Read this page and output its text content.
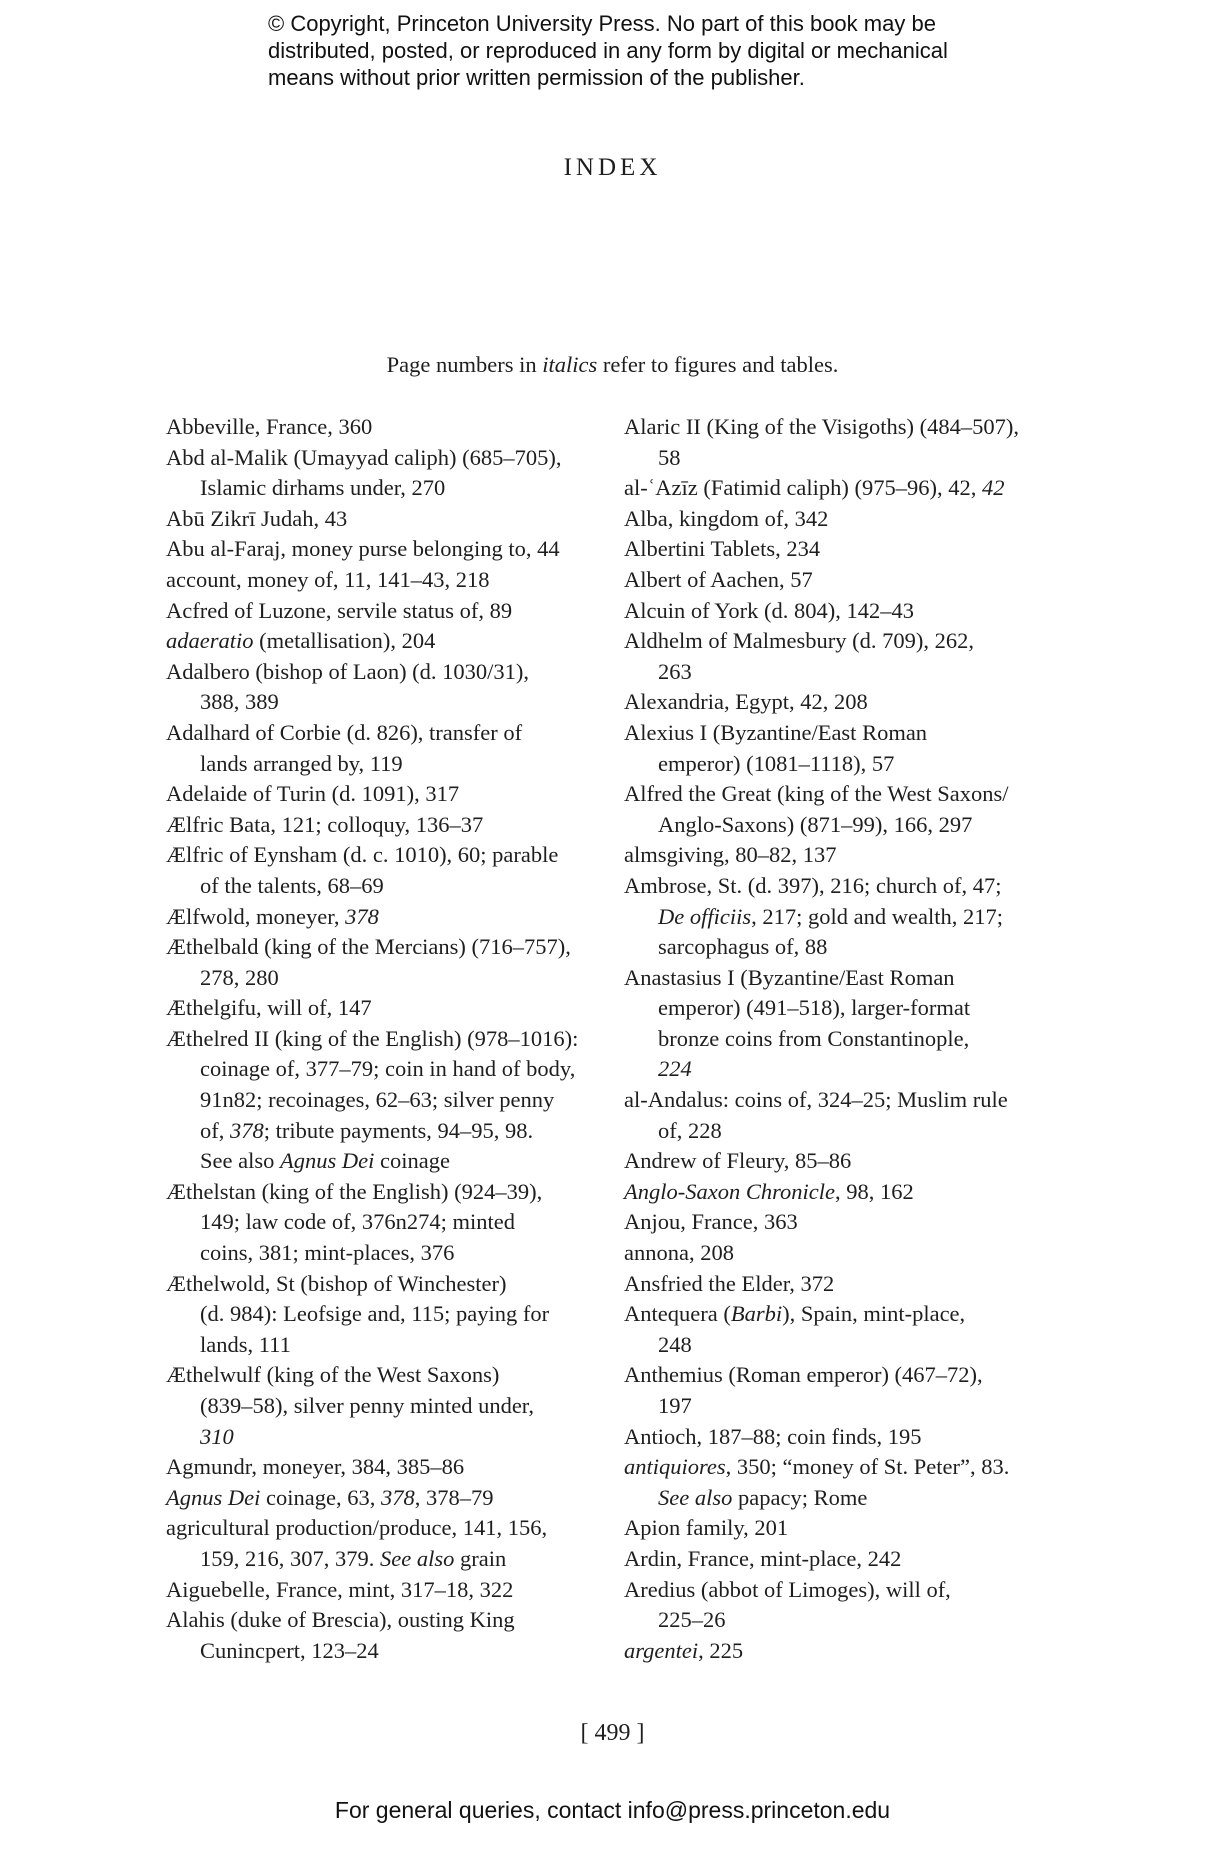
© Copyright, Princeton University Press. No part of this book may be
distributed, posted, or reproduced in any form by digital or mechanical
means without prior written permission of the publisher.
INDEX
Page numbers in italics refer to figures and tables.
Abbeville, France, 360
Abd al-Malik (Umayyad caliph) (685–705),
Islamic dirhams under, 270
Abū Zikrī Judah, 43
Abu al-Faraj, money purse belonging to, 44
account, money of, 11, 141–43, 218
Acfred of Luzone, servile status of, 89
adaeratio (metallisation), 204
Adalbero (bishop of Laon) (d. 1030/31),
388, 389
Adalhard of Corbie (d. 826), transfer of
lands arranged by, 119
Adelaide of Turin (d. 1091), 317
Ælfric Bata, 121; colloquy, 136–37
Ælfric of Eynsham (d. c. 1010), 60; parable
of the talents, 68–69
Ælfwold, moneyer, 378
Æthelbald (king of the Mercians) (716–757),
278, 280
Æthelgifu, will of, 147
Æthelred II (king of the English) (978–1016):
coinage of, 377–79; coin in hand of body,
91n82; recoinages, 62–63; silver penny
of, 378; tribute payments, 94–95, 98.
See also Agnus Dei coinage
Æthelstan (king of the English) (924–39),
149; law code of, 376n274; minted
coins, 381; mint-places, 376
Æthelwold, St (bishop of Winchester)
(d. 984): Leofsige and, 115; paying for
lands, 111
Æthelwulf (king of the West Saxons)
(839–58), silver penny minted under,
310
Agmundr, moneyer, 384, 385–86
Agnus Dei coinage, 63, 378, 378–79
agricultural production/produce, 141, 156,
159, 216, 307, 379. See also grain
Aiguebelle, France, mint, 317–18, 322
Alahis (duke of Brescia), ousting King
Cunincpert, 123–24
Alaric II (King of the Visigoths) (484–507),
58
al-ʿAzīz (Fatimid caliph) (975–96), 42, 42
Alba, kingdom of, 342
Albertini Tablets, 234
Albert of Aachen, 57
Alcuin of York (d. 804), 142–43
Aldhelm of Malmesbury (d. 709), 262,
263
Alexandria, Egypt, 42, 208
Alexius I (Byzantine/East Roman
emperor) (1081–1118), 57
Alfred the Great (king of the West Saxons/
Anglo-Saxons) (871–99), 166, 297
almsgiving, 80–82, 137
Ambrose, St. (d. 397), 216; church of, 47;
De officiis, 217; gold and wealth, 217;
sarcophagus of, 88
Anastasius I (Byzantine/East Roman
emperor) (491–518), larger-format
bronze coins from Constantinople,
224
al-Andalus: coins of, 324–25; Muslim rule
of, 228
Andrew of Fleury, 85–86
Anglo-Saxon Chronicle, 98, 162
Anjou, France, 363
annona, 208
Ansfried the Elder, 372
Antequera (Barbi), Spain, mint-place,
248
Anthemius (Roman emperor) (467–72),
197
Antioch, 187–88; coin finds, 195
antiquiores, 350; “money of St. Peter”, 83.
See also papacy; Rome
Apion family, 201
Ardin, France, mint-place, 242
Aredius (abbot of Limoges), will of,
225–26
argentei, 225
[ 499 ]
For general queries, contact info@press.princeton.edu
